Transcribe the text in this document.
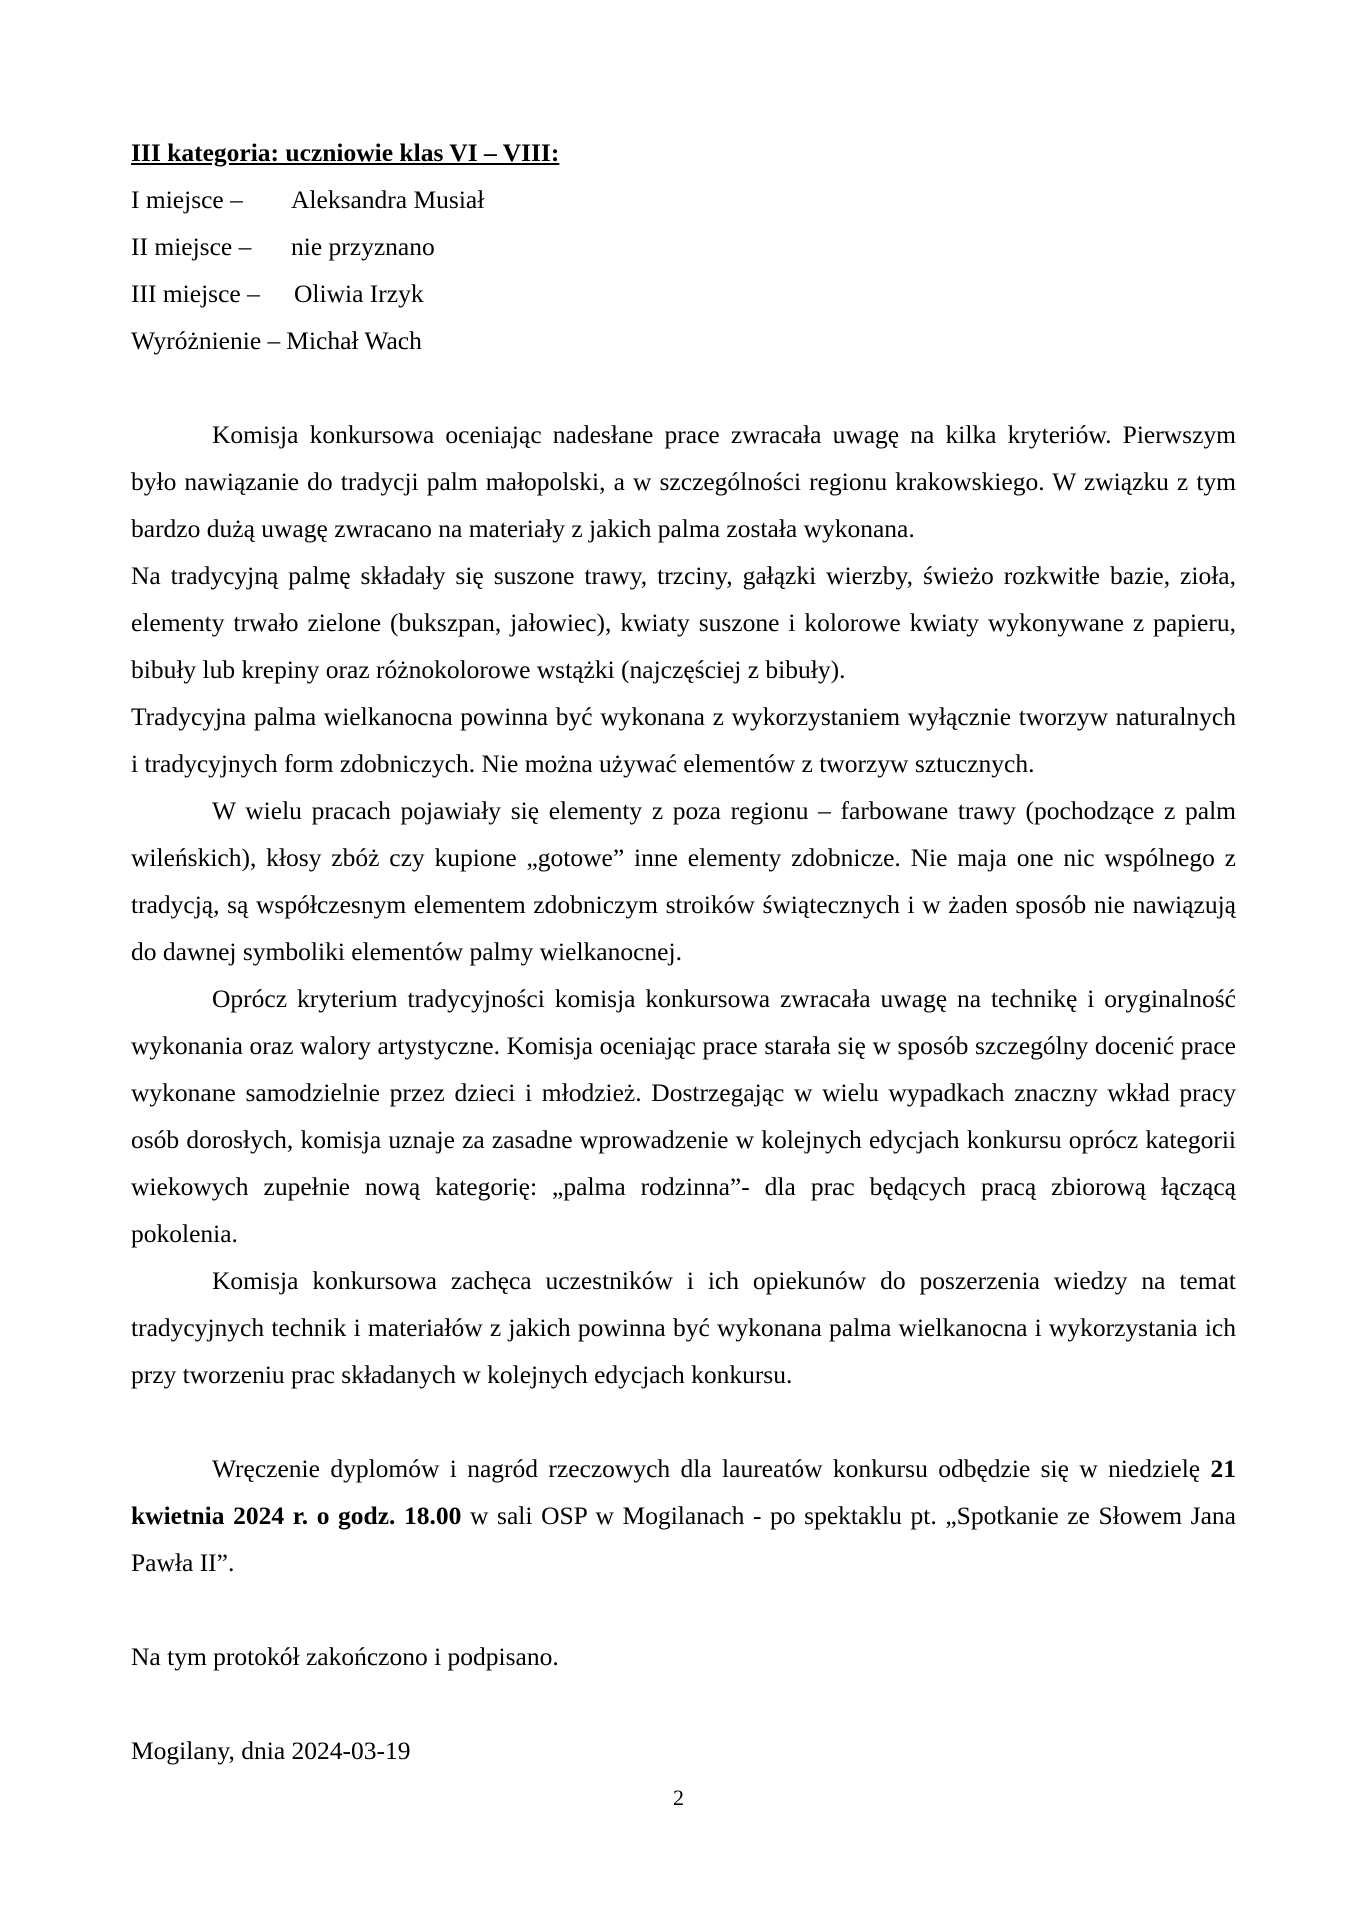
III kategoria: uczniowie klas VI – VIII:

I miejsce –	Aleksandra Musiał
II miejsce –	nie przyznano
III miejsce –	Oliwia Irzyk
Wyróżnienie – Michał Wach

Komisja konkursowa oceniając nadesłane prace zwracała uwagę na kilka kryteriów. Pierwszym było nawiązanie do tradycji palm małopolski, a w szczególności regionu krakowskiego. W związku z tym bardzo dużą uwagę zwracano na materiały z jakich palma została wykonana.

Na tradycyjną palmę składały się suszone trawy, trzciny, gałązki wierzby, świeżo rozkwitłe bazie, zioła, elementy trwało zielone (bukszpan, jałowiec), kwiaty suszone i kolorowe kwiaty wykonywane z papieru, bibuły lub krepiny oraz różnokolorowe wstążki (najczęściej z bibuły).

Tradycyjna palma wielkanocna powinna być wykonana z wykorzystaniem wyłącznie tworzyw naturalnych i tradycyjnych form zdobniczych. Nie można używać elementów z tworzyw sztucznych.

W wielu pracach pojawiały się elementy z poza regionu – farbowane trawy (pochodzące z palm wileńskich), kłosy zbóż czy kupione „gotowe” inne elementy zdobnicze. Nie maja one nic wspólnego z tradycją, są współczesnym elementem zdobniczym stroików świątecznych i w żaden sposób nie nawiązują do dawnej symboliki elementów palmy wielkanocnej.

Oprócz kryterium tradycyjności komisja konkursowa zwracała uwagę na technikę i oryginalność wykonania oraz walory artystyczne. Komisja oceniając prace starała się w sposób szczególny docenić prace wykonane samodzielnie przez dzieci i młodzież. Dostrzegając w wielu wypadkach znaczny wkład pracy osób dorosłych, komisja uznaje za zasadne wprowadzenie w kolejnych edycjach konkursu oprócz kategorii wiekowych zupełnie nową kategorię: „palma rodzinna”- dla prac będących pracą zbiorową łączącą pokolenia.

Komisja konkursowa zachęca uczestników i ich opiekunów do poszerzenia wiedzy na temat tradycyjnych technik i materiałów z jakich powinna być wykonana palma wielkanocna i wykorzystania ich przy tworzeniu prac składanych w kolejnych edycjach konkursu.

Wręczenie dyplomów i nagród rzeczowych dla laureatów konkursu odbędzie się w niedzielę 21 kwietnia 2024 r. o godz. 18.00 w sali OSP w Mogilanach - po spektaklu pt. „Spotkanie ze Słowem Jana Pawła II”.

Na tym protokół zakończono i podpisano.

Mogilany, dnia 2024-03-19

2
